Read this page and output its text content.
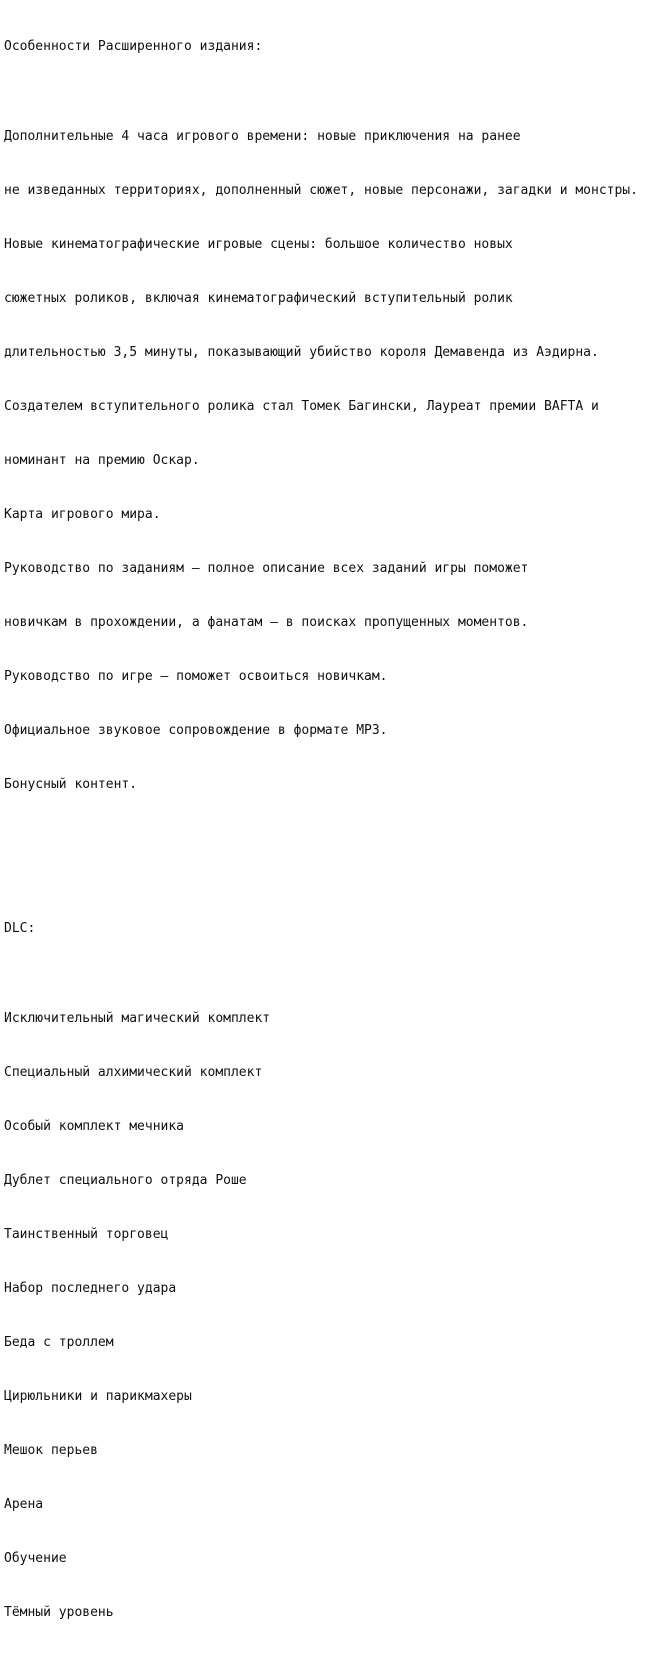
Особенности Расширенного издания:

Дополнительные 4 часа игрового времени: новые приключения на ранее

не изведанных территориях, дополненный сюжет, новые персонажи, загадки и монстры.

Новые кинематографические игровые сцены: большое количество новых

сюжетных роликов, включая кинематографический вступительный ролик

длительностью 3,5 минуты, показывающий убийство короля Демавенда из Аэдирна.

Создателем вступительного ролика стал Томек Багински, Лауреат премии BAFTA и

номинант на премию Оскар.

Карта игрового мира.

Руководство по заданиям — полное описание всех заданий игры поможет

новичкам в прохождении, а фанатам — в поисках пропущенных моментов.

Руководство по игре — поможет освоиться новичкам.

Официальное звуковое сопровождение в формате MP3.

Бонусный контент.

DLC:

Исключительный магический комплект

Специальный алхимический комплект

Особый комплект мечника

Дублет специального отряда Роше

Таинственный торговец

Набор последнего удара

Беда с троллем

Цирюльники и парикмахеры

Мешок перьев

Арена

Обучение

Тёмный уровень
